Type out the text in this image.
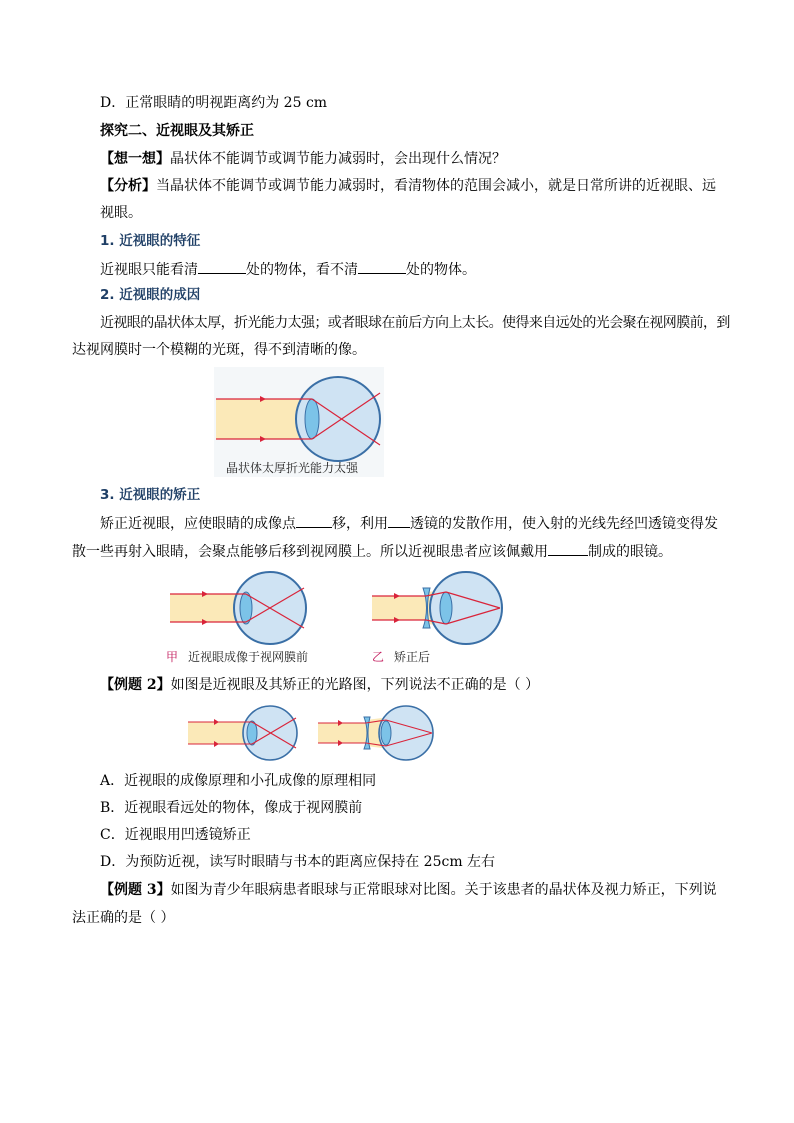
D．正常眼睛的明视距离约为 25 cm
探究二、近视眼及其矫正
【想一想】晶状体不能调节或调节能力减弱时，会出现什么情况？
【分析】当晶状体不能调节或调节能力减弱时，看清物体的范围会减小，就是日常所讲的近视眼、远
视眼。
1. 近视眼的特征
近视眼只能看清	处的物体，看不清	处的物体。
2. 近视眼的成因
近视眼的晶状体太厚，折光能力太强；或者眼球在前后方向上太长。使得来自远处的光会聚在视网膜前，到
达视网膜时一个模糊的光斑，得不到清晰的像。
晶状体太厚折光能力太强
3. 近视眼的矫正
矫正近视眼，应使眼睛的成像点	移，利用 透镜的发散作用，使入射的光线先经凹透镜变得发
散一些再射入眼睛，会聚点能够后移到视网膜上。所以近视眼患者应该佩戴用	制成的眼镜。
甲 近视眼成像于视网膜前	乙 矫正后
【例题 2】如图是近视眼及其矫正的光路图，下列说法不正确的是（ ）
A．近视眼的成像原理和小孔成像的原理相同
B．近视眼看远处的物体，像成于视网膜前
C．近视眼用凹透镜矫正
D．为预防近视，读写时眼睛与书本的距离应保持在 25cm 左右
【例题 3】如图为青少年眼病患者眼球与正常眼球对比图。关于该患者的晶状体及视力矫正，下列说
法正确的是（ ）
